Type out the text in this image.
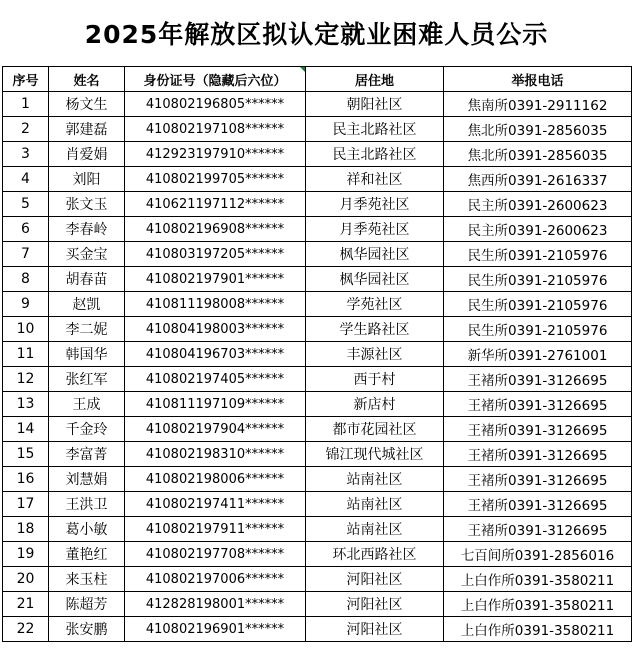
2025年解放区拟认定就业困难人员公示
序号	姓名	身份证号（隐藏后六位）	居住地	举报电话
1	杨文生	410802196805******	朝阳社区	焦南所0391-2911162
2	郭建磊	410802197108******	民主北路社区	焦北所0391-2856035
3	肖爱娟	412923197910******	民主北路社区	焦北所0391-2856035
4	刘阳	410802199705******	祥和社区	焦西所0391-2616337
5	张文玉	410621197112******	月季苑社区	民主所0391-2600623
6	李春岭	410802196908******	月季苑社区	民主所0391-2600623
7	买金宝	410803197205******	枫华园社区	民生所0391-2105976
8	胡春苗	410802197901******	枫华园社区	民生所0391-2105976
9	赵凯	410811198008******	学苑社区	民生所0391-2105976
10	李二妮	410804198003******	学生路社区	民生所0391-2105976
11	韩国华	410804196703******	丰源社区	新华所0391-2761001
12	张红军	410802197405******	西于村	王褚所0391-3126695
13	王成	410811197109******	新店村	王褚所0391-3126695
14	千金玲	410802197904******	都市花园社区	王褚所0391-3126695
15	李富菁	410802198310******	锦江现代城社区	王褚所0391-3126695
16	刘慧娟	410802198006******	站南社区	王褚所0391-3126695
17	王洪卫	410802197411******	站南社区	王褚所0391-3126695
18	葛小敏	410802197911******	站南社区	王褚所0391-3126695
19	董艳红	410802197708******	环北西路社区	七百间所0391-2856016
20	来玉柱	410802197006******	河阳社区	上白作所0391-3580211
21	陈超芳	412828198001******	河阳社区	上白作所0391-3580211
22	张安鹏	410802196901******	河阳社区	上白作所0391-3580211
